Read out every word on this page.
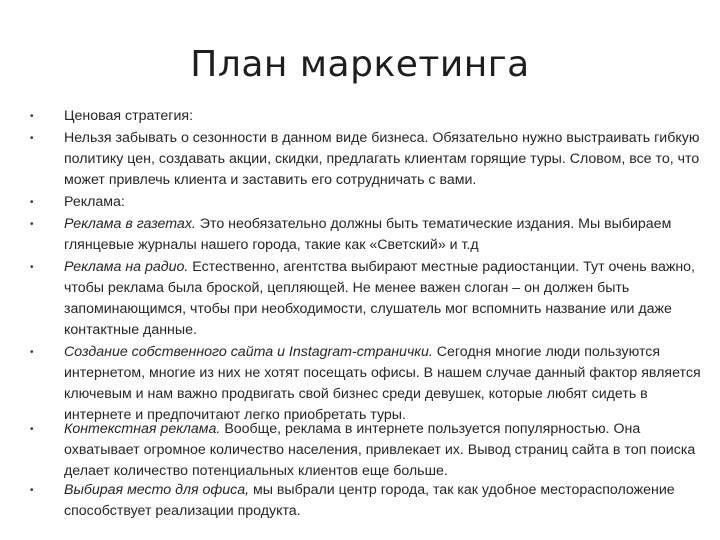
План маркетинга
• Ценовая стратегия:
• Нельзя забывать о сезонности в данном виде бизнеса. Обязательно нужно выстраивать гибкую политику цен, создавать акции, скидки, предлагать клиентам горящие туры. Словом, все то, что может привлечь клиента и заставить его сотрудничать с вами.
• Реклама:
• Реклама в газетах. Это необязательно должны быть тематические издания. Мы выбираем глянцевые журналы нашего города, такие как «Светский» и т.д
• Реклама на радио. Естественно, агентства выбирают местные радиостанции. Тут очень важно, чтобы реклама была броской, цепляющей. Не менее важен слоган – он должен быть запоминающимся, чтобы при необходимости, слушатель мог вспомнить название или даже контактные данные.
• Создание собственного сайта и Instagram-странички. Сегодня многие люди пользуются интернетом, многие из них не хотят посещать офисы. В нашем случае данный фактор является ключевым и нам важно продвигать свой бизнес среди девушек, которые любят сидеть в интернете и предпочитают легко приобретать туры.
• Контекстная реклама. Вообще, реклама в интернете пользуется популярностью. Она охватывает огромное количество населения, привлекает их. Вывод страниц сайта в топ поиска делает количество потенциальных клиентов еще больше.
• Выбирая место для офиса, мы выбрали центр города, так как удобное месторасположение способствует реализации продукта.
